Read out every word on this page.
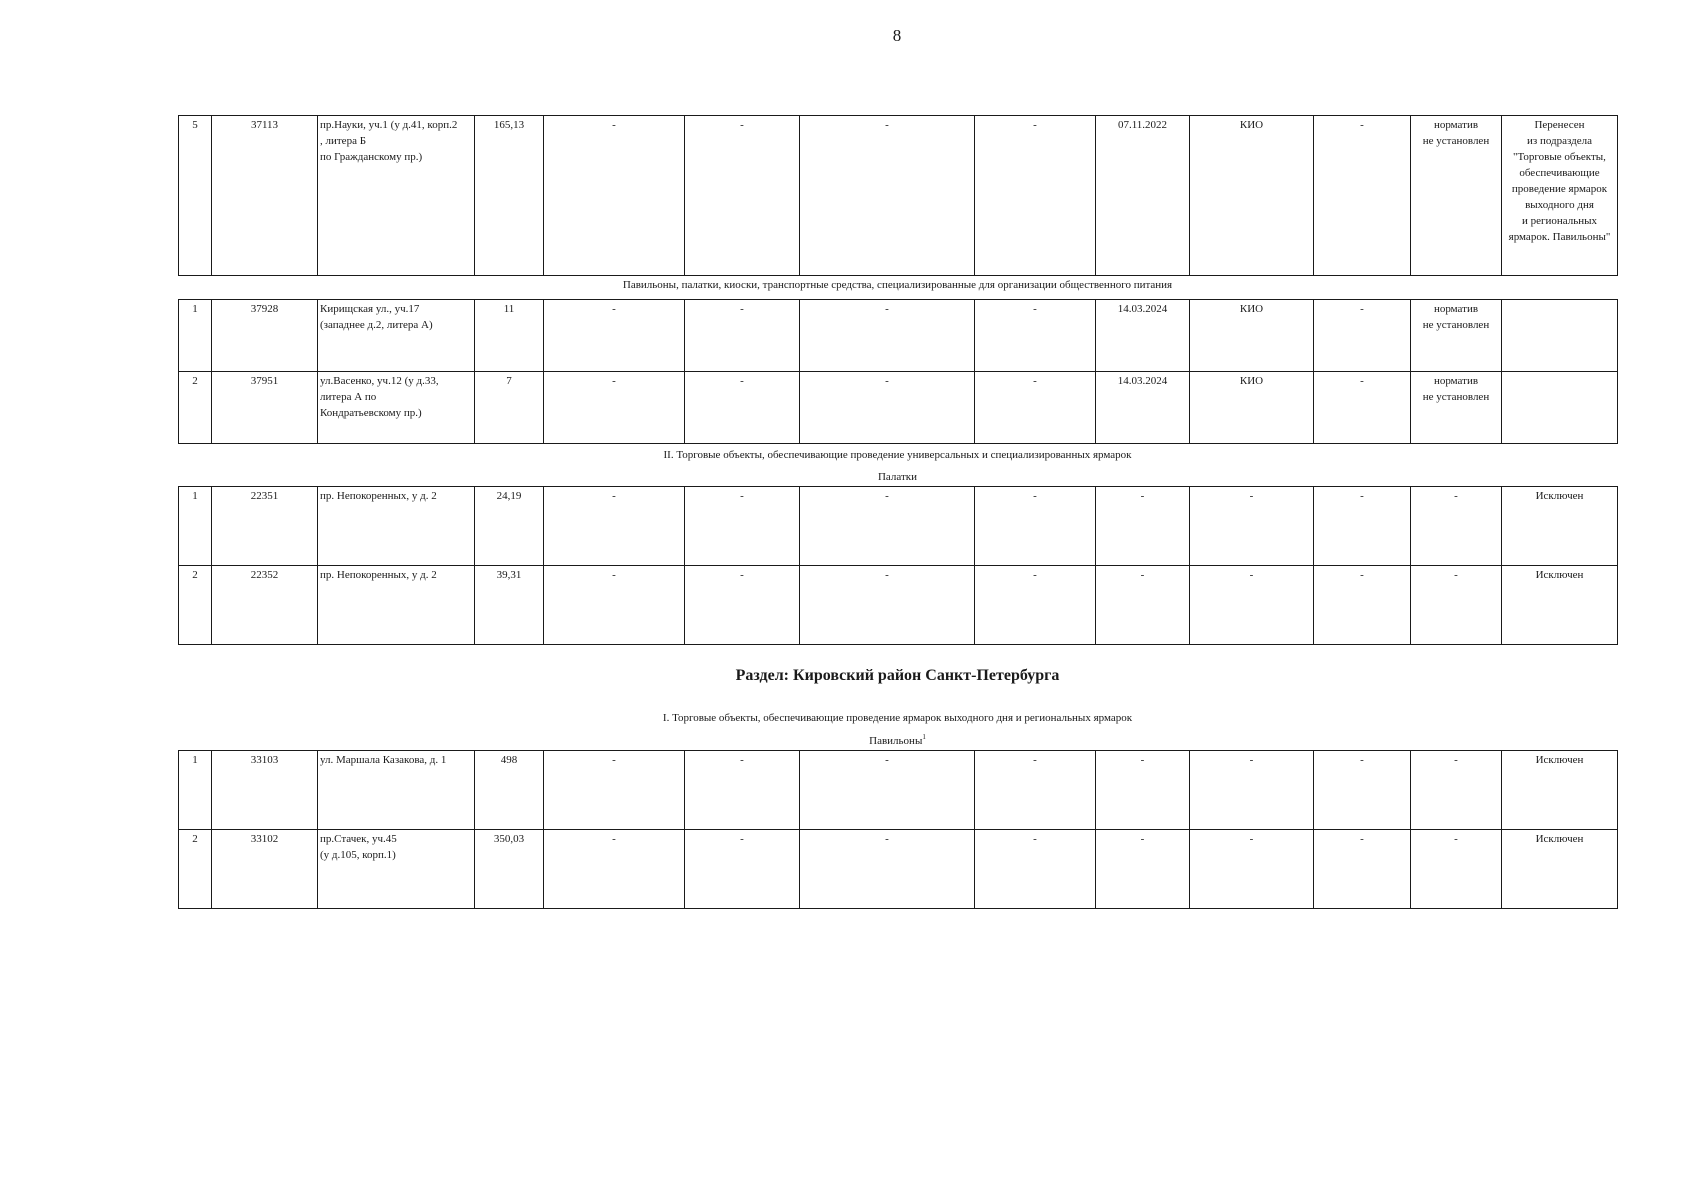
8
5	37113	пр.Науки, уч.1 (у д.41, корп.2
, литера Б
по Гражданскому пр.)	165,13	-	-	-	-	07.11.2022	КИО	-	норматив
не установлен	Перенесен
из подраздела
"Торговые объекты,
обеспечивающие
проведение ярмарок
выходного дня
и региональных
ярмарок. Павильоны"
Павильоны, палатки, киоски, транспортные средства, специализированные для организации общественного питания
1	37928	Кирищская ул., уч.17
(западнее д.2, литера А)	11	-	-	-	-	14.03.2024	КИО	-	норматив
не установлен	
2	37951	ул.Васенко, уч.12 (у д.33,
литера А по
Кондратьевскому пр.)	7	-	-	-	-	14.03.2024	КИО	-	норматив
не установлен	
II. Торговые объекты, обеспечивающие проведение универсальных и специализированных ярмарок
Палатки
1	22351	пр. Непокоренных, у д. 2	24,19	-	-	-	-	-	-	-	-	Исключен
2	22352	пр. Непокоренных, у д. 2	39,31	-	-	-	-	-	-	-	-	Исключен
Раздел: Кировский район Санкт-Петербурга
I. Торговые объекты, обеспечивающие проведение ярмарок выходного дня и региональных ярмарок
Павильоны$^1$
1	33103	ул. Маршала Казакова, д. 1	498	-	-	-	-	-	-	-	-	Исключен
2	33102	пр.Стачек, уч.45
(у д.105, корп.1)	350,03	-	-	-	-	-	-	-	-	Исключен
